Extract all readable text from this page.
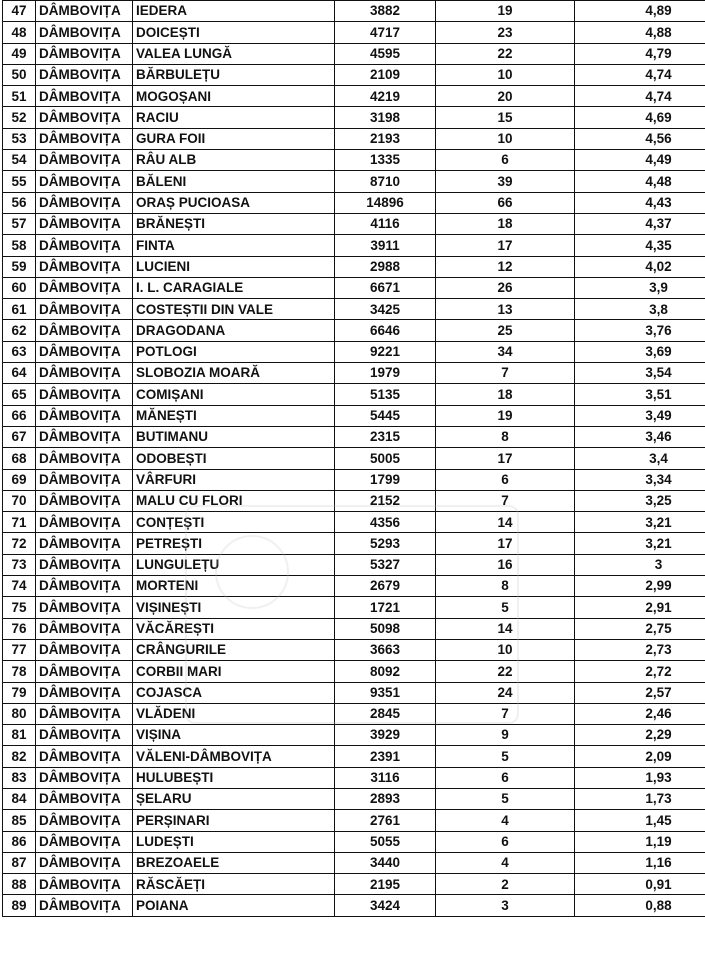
47	DÂMBOVIȚA	IEDERA	3882	19	4,89
48	DÂMBOVIȚA	DOICEȘTI	4717	23	4,88
49	DÂMBOVIȚA	VALEA LUNGĂ	4595	22	4,79
50	DÂMBOVIȚA	BĂRBULEȚU	2109	10	4,74
51	DÂMBOVIȚA	MOGOȘANI	4219	20	4,74
52	DÂMBOVIȚA	RACIU	3198	15	4,69
53	DÂMBOVIȚA	GURA FOII	2193	10	4,56
54	DÂMBOVIȚA	RÂU ALB	1335	6	4,49
55	DÂMBOVIȚA	BĂLENI	8710	39	4,48
56	DÂMBOVIȚA	ORAȘ PUCIOASA	14896	66	4,43
57	DÂMBOVIȚA	BRĂNEȘTI	4116	18	4,37
58	DÂMBOVIȚA	FINTA	3911	17	4,35
59	DÂMBOVIȚA	LUCIENI	2988	12	4,02
60	DÂMBOVIȚA	I. L. CARAGIALE	6671	26	3,9
61	DÂMBOVIȚA	COSTEȘTII DIN VALE	3425	13	3,8
62	DÂMBOVIȚA	DRAGODANA	6646	25	3,76
63	DÂMBOVIȚA	POTLOGI	9221	34	3,69
64	DÂMBOVIȚA	SLOBOZIA MOARĂ	1979	7	3,54
65	DÂMBOVIȚA	COMIȘANI	5135	18	3,51
66	DÂMBOVIȚA	MĂNEȘTI	5445	19	3,49
67	DÂMBOVIȚA	BUTIMANU	2315	8	3,46
68	DÂMBOVIȚA	ODOBEȘTI	5005	17	3,4
69	DÂMBOVIȚA	VÂRFURI	1799	6	3,34
70	DÂMBOVIȚA	MALU CU FLORI	2152	7	3,25
71	DÂMBOVIȚA	CONȚEȘTI	4356	14	3,21
72	DÂMBOVIȚA	PETREȘTI	5293	17	3,21
73	DÂMBOVIȚA	LUNGULEȚU	5327	16	3
74	DÂMBOVIȚA	MORTENI	2679	8	2,99
75	DÂMBOVIȚA	VIȘINEȘTI	1721	5	2,91
76	DÂMBOVIȚA	VĂCĂREȘTI	5098	14	2,75
77	DÂMBOVIȚA	CRÂNGURILE	3663	10	2,73
78	DÂMBOVIȚA	CORBII MARI	8092	22	2,72
79	DÂMBOVIȚA	COJASCA	9351	24	2,57
80	DÂMBOVIȚA	VLĂDENI	2845	7	2,46
81	DÂMBOVIȚA	VIȘINA	3929	9	2,29
82	DÂMBOVIȚA	VĂLENI-DÂMBOVIȚA	2391	5	2,09
83	DÂMBOVIȚA	HULUBEȘTI	3116	6	1,93
84	DÂMBOVIȚA	ȘELARU	2893	5	1,73
85	DÂMBOVIȚA	PERȘINARI	2761	4	1,45
86	DÂMBOVIȚA	LUDEȘTI	5055	6	1,19
87	DÂMBOVIȚA	BREZOAELE	3440	4	1,16
88	DÂMBOVIȚA	RĂSCĂEȚI	2195	2	0,91
89	DÂMBOVIȚA	POIANA	3424	3	0,88
